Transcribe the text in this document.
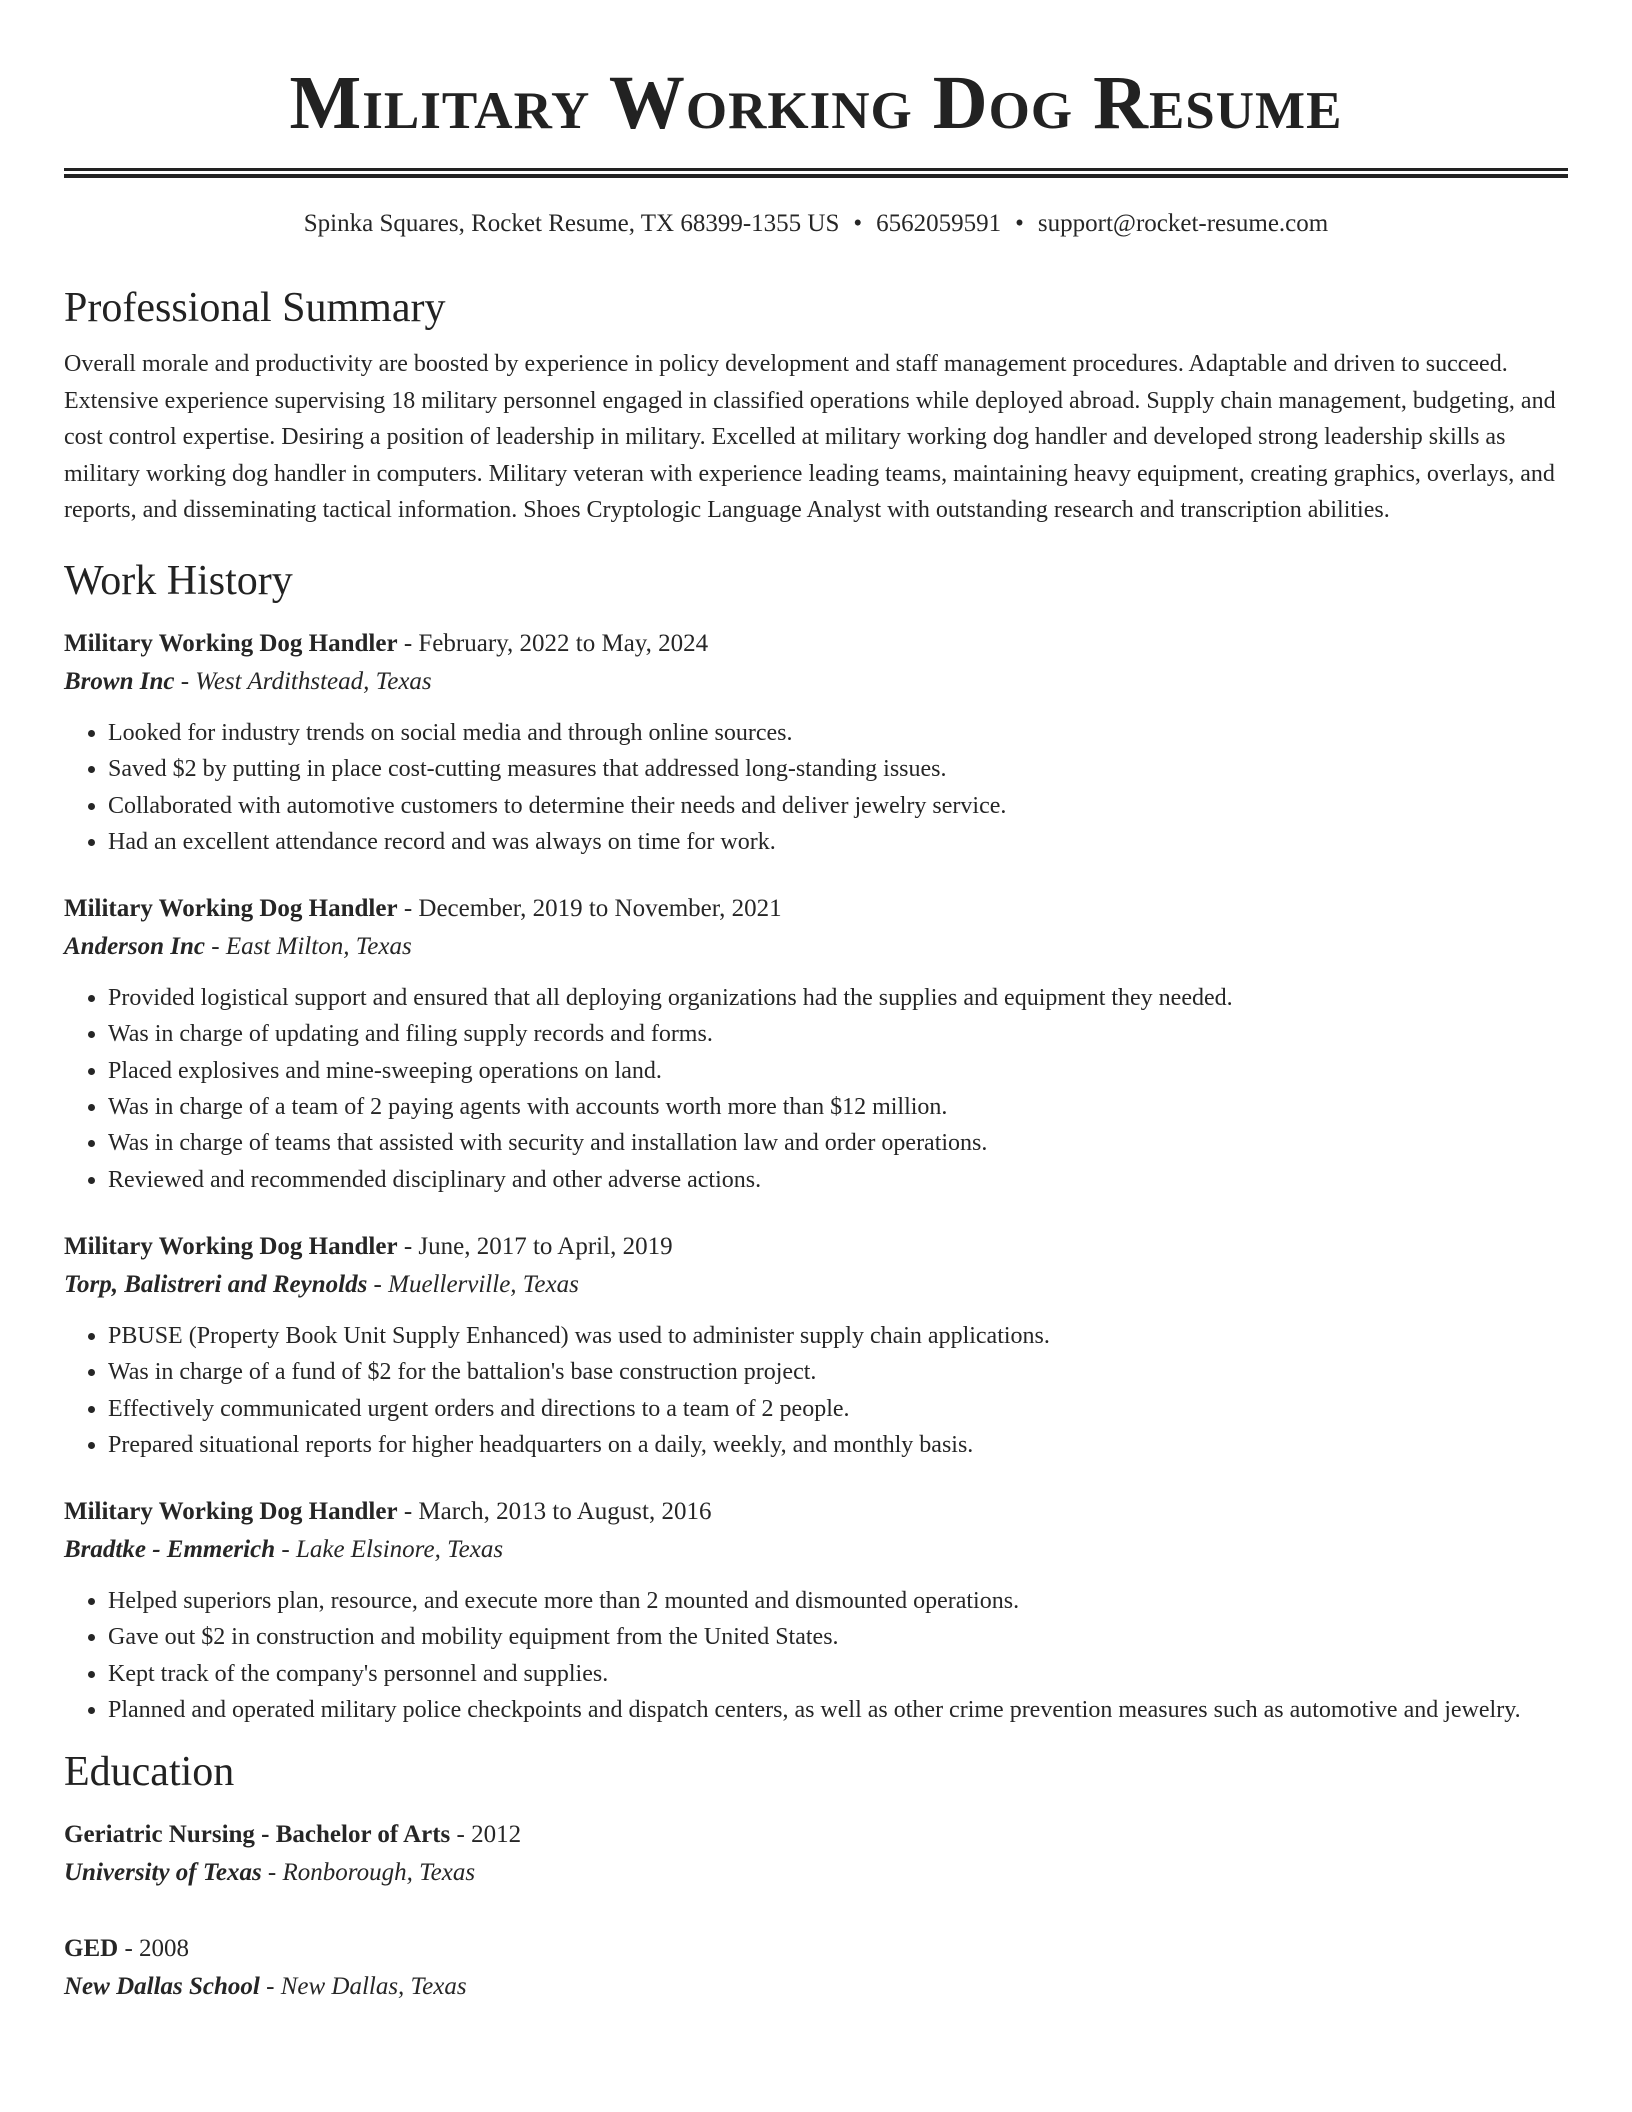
Military Working Dog Resume
Spinka Squares, Rocket Resume, TX 68399-1355 US • 6562059591 • support@rocket-resume.com
Professional Summary

Overall morale and productivity are boosted by experience in policy development and staff management procedures. Adaptable and driven to succeed. Extensive experience supervising 18 military personnel engaged in classified operations while deployed abroad. Supply chain management, budgeting, and cost control expertise. Desiring a position of leadership in military. Excelled at military working dog handler and developed strong leadership skills as military working dog handler in computers. Military veteran with experience leading teams, maintaining heavy equipment, creating graphics, overlays, and reports, and disseminating tactical information. Shoes Cryptologic Language Analyst with outstanding research and transcription abilities.

Work History
Military Working Dog Handler - February, 2022 to May, 2024
Brown Inc - West Ardithstead, Texas
• Looked for industry trends on social media and through online sources.
• Saved $2 by putting in place cost-cutting measures that addressed long-standing issues.
• Collaborated with automotive customers to determine their needs and deliver jewelry service.
• Had an excellent attendance record and was always on time for work.
Military Working Dog Handler - December, 2019 to November, 2021
Anderson Inc - East Milton, Texas
• Provided logistical support and ensured that all deploying organizations had the supplies and equipment they needed.
• Was in charge of updating and filing supply records and forms.
• Placed explosives and mine-sweeping operations on land.
• Was in charge of a team of 2 paying agents with accounts worth more than $12 million.
• Was in charge of teams that assisted with security and installation law and order operations.
• Reviewed and recommended disciplinary and other adverse actions.
Military Working Dog Handler - June, 2017 to April, 2019
Torp, Balistreri and Reynolds - Muellerville, Texas
• PBUSE (Property Book Unit Supply Enhanced) was used to administer supply chain applications.
• Was in charge of a fund of $2 for the battalion's base construction project.
• Effectively communicated urgent orders and directions to a team of 2 people.
• Prepared situational reports for higher headquarters on a daily, weekly, and monthly basis.
Military Working Dog Handler - March, 2013 to August, 2016
Bradtke - Emmerich - Lake Elsinore, Texas
• Helped superiors plan, resource, and execute more than 2 mounted and dismounted operations.
• Gave out $2 in construction and mobility equipment from the United States.
• Kept track of the company's personnel and supplies.
• Planned and operated military police checkpoints and dispatch centers, as well as other crime prevention measures such as automotive and jewelry.
Education
Geriatric Nursing - Bachelor of Arts - 2012
University of Texas - Ronborough, Texas
GED - 2008
New Dallas School - New Dallas, Texas
